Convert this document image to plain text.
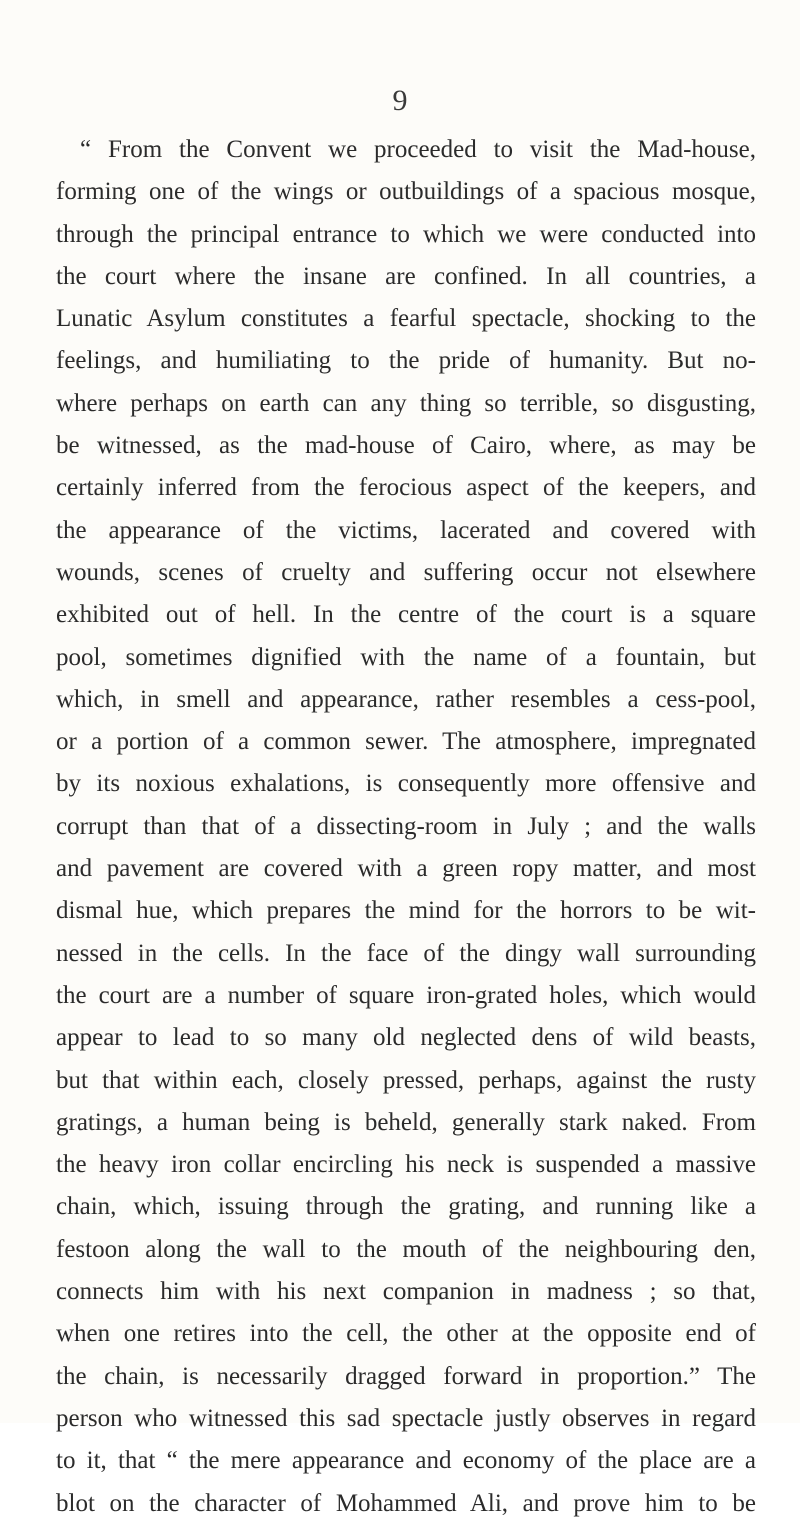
9
“ From the Convent we proceeded to visit the Mad-house,
forming one of the wings or outbuildings of a spacious mosque,
through the principal entrance to which we were conducted into
the court where the insane are confined. In all countries, a
Lunatic Asylum constitutes a fearful spectacle, shocking to the
feelings, and humiliating to the pride of humanity. But no-
where perhaps on earth can any thing so terrible, so disgusting,
be witnessed, as the mad-house of Cairo, where, as may be
certainly inferred from the ferocious aspect of the keepers, and
the appearance of the victims, lacerated and covered with
wounds, scenes of cruelty and suffering occur not elsewhere
exhibited out of hell. In the centre of the court is a square
pool, sometimes dignified with the name of a fountain, but
which, in smell and appearance, rather resembles a cess-pool,
or a portion of a common sewer. The atmosphere, impregnated
by its noxious exhalations, is consequently more offensive and
corrupt than that of a dissecting-room in July ; and the walls
and pavement are covered with a green ropy matter, and most
dismal hue, which prepares the mind for the horrors to be wit-
nessed in the cells. In the face of the dingy wall surrounding
the court are a number of square iron-grated holes, which would
appear to lead to so many old neglected dens of wild beasts,
but that within each, closely pressed, perhaps, against the rusty
gratings, a human being is beheld, generally stark naked. From
the heavy iron collar encircling his neck is suspended a massive
chain, which, issuing through the grating, and running like a
festoon along the wall to the mouth of the neighbouring den,
connects him with his next companion in madness ; so that,
when one retires into the cell, the other at the opposite end of
the chain, is necessarily dragged forward in proportion.” The
person who witnessed this sad spectacle justly observes in regard
to it, that “ the mere appearance and economy of the place are a
blot on the character of Mohammed Ali, and prove him to be
